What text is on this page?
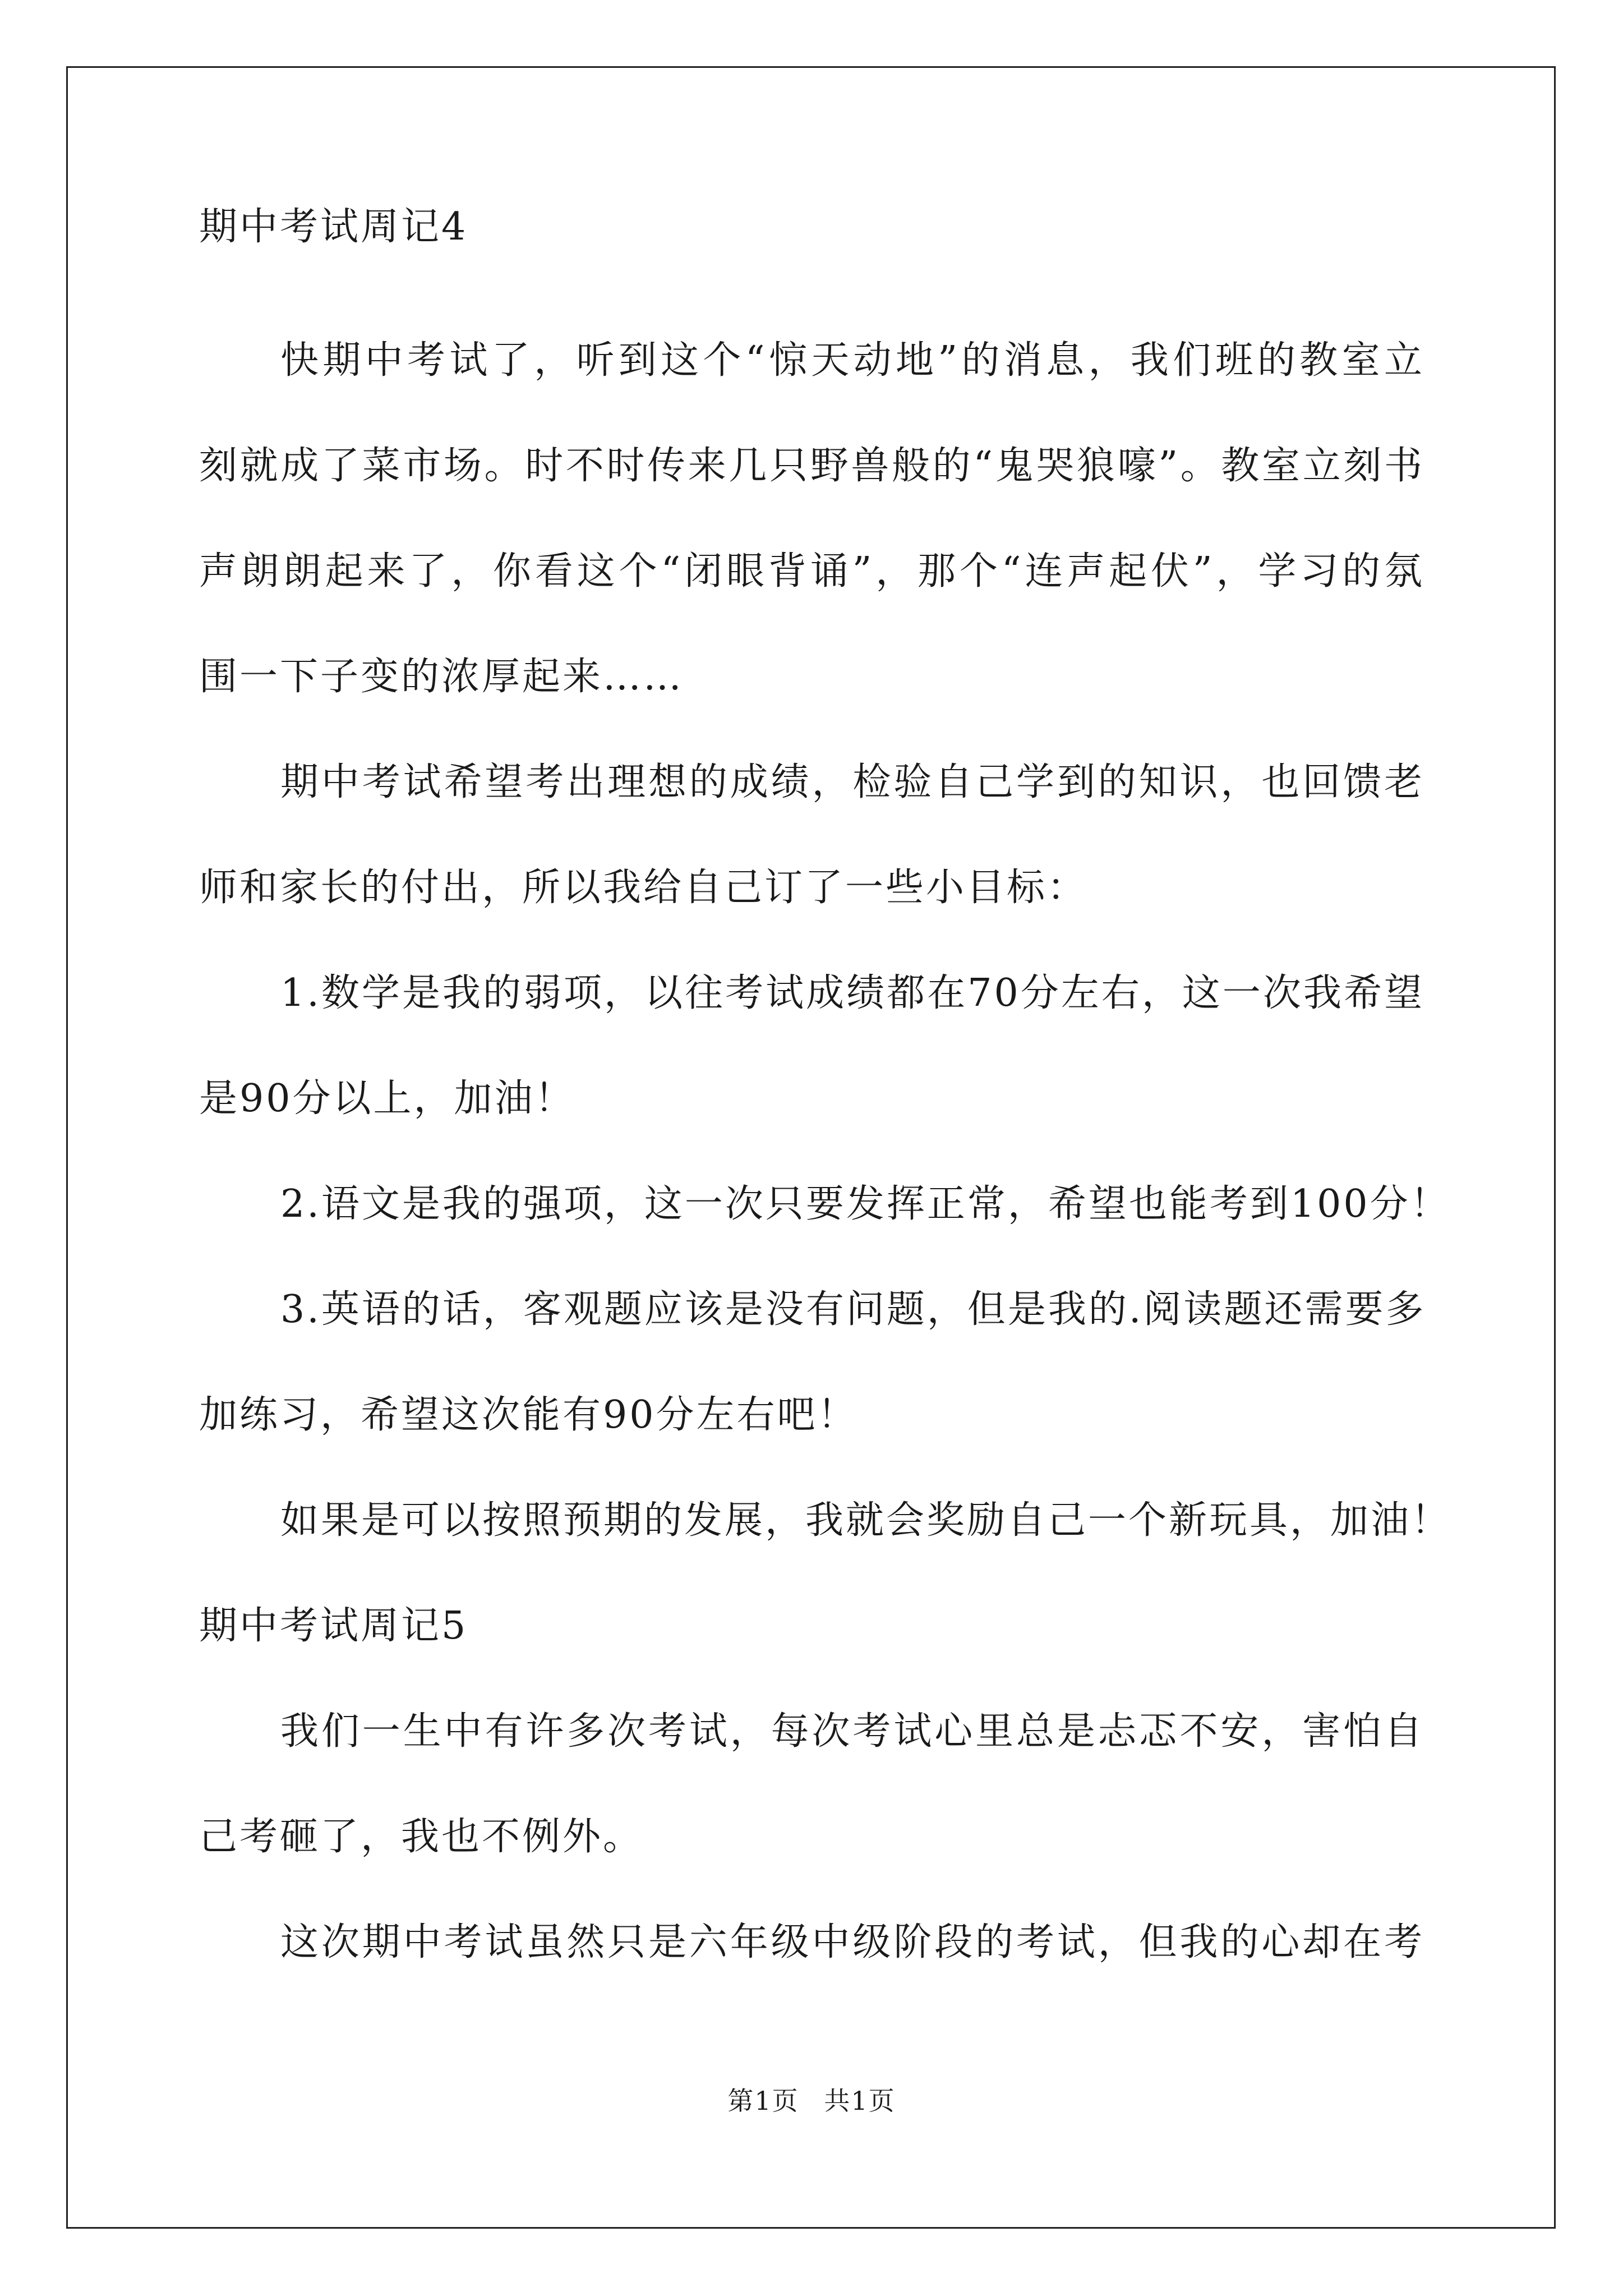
期中考试周记4

快期中考试了，听到这个“惊天动地”的消息，我们班的教室立

刻就成了菜市场。时不时传来几只野兽般的“鬼哭狼嚎”。教室立刻书

声朗朗起来了，你看这个“闭眼背诵”，那个“连声起伏”，学习的氛

围一下子变的浓厚起来……

期中考试希望考出理想的成绩，检验自己学到的知识，也回馈老

师和家长的付出，所以我给自己订了一些小目标：

1.数学是我的弱项，以往考试成绩都在70分左右，这一次我希望

是90分以上，加油！

2.语文是我的强项，这一次只要发挥正常，希望也能考到100分！

3.英语的话，客观题应该是没有问题，但是我的.阅读题还需要多

加练习，希望这次能有90分左右吧！

如果是可以按照预期的发展，我就会奖励自己一个新玩具，加油！

期中考试周记5

我们一生中有许多次考试，每次考试心里总是忐忑不安，害怕自

己考砸了，我也不例外。

这次期中考试虽然只是六年级中级阶段的考试，但我的心却在考

第1页 共1页
